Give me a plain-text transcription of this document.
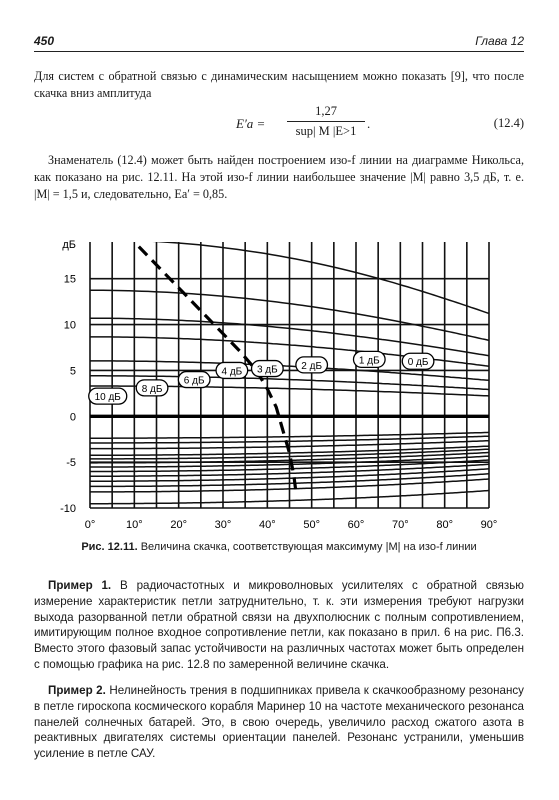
450	Глава 12

Для систем с обратной связью с динамическим насыщением можно показать [9], что после скачка вниз амплитуда

E′a =
1,27
sup| M |E>1 .	(12.4)

Знаменатель (12.4) может быть найден построением изо-f линии на диаграмме Никольса, как показано на рис. 12.11. На этой изо-f линии наибольшее значение |M| равно 3,5 дБ, т. е. |M| = 1,5 и, следовательно, Ea′ = 0,85.

15
10
5
0
-5
-10
дБ
0°	10°	20°	30°	40°	50°	60°	70°	80°	90°
10 дБ
8 дБ
6 дБ
4 дБ 3 дБ 2 дБ
1 дБ	0 дБ
Рис. 12.11. Величина скачка, соответствующая максимуму |M| на изо-f линии

Пример 1. В радиочастотных и микроволновых усилителях с обратной связью измерение характеристик петли затруднительно, т. к. эти измерения требуют нагрузки выхода разорванной петли обратной связи на двухполюсник с полным сопротивлением, имитирующим полное входное сопротивление петли, как показано в прил. 6 на рис. П6.3. Вместо этого фазовый запас устойчивости на различных частотах может быть определен с помощью графика на рис. 12.8 по замеренной величине скачка.

Пример 2. Нелинейность трения в подшипниках привела к скачкообразному резонансу в петле гироскопа космического корабля Маринер 10 на частоте механического резонанса панелей солнечных батарей. Это, в свою очередь, увеличило расход сжатого азота в реактивных двигателях системы ориентации панелей. Резонанс устранили, уменьшив усиление в петле САУ.
